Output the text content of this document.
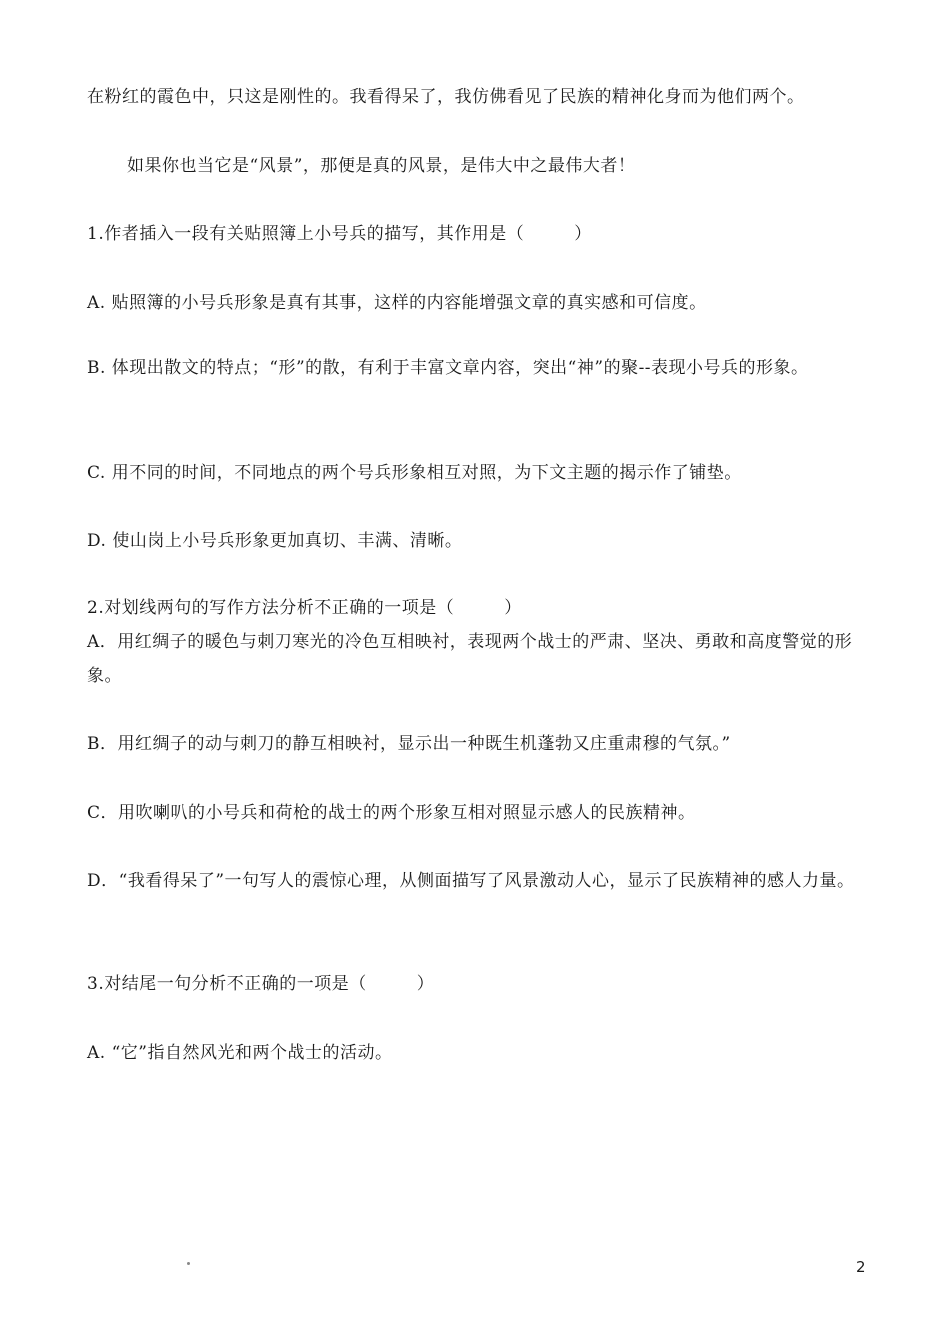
在粉红的霞色中，只这是刚性的。我看得呆了，我仿佛看见了民族的精神化身而为他们两个。
如果你也当它是“风景”，那便是真的风景，是伟大中之最伟大者！
1.作者插入一段有关贴照簿上小号兵的描写，其作用是（	）
A. 贴照簿的小号兵形象是真有其事，这样的内容能增强文章的真实感和可信度。
B. 体现出散文的特点；“形”的散，有利于丰富文章内容，突出“神”的聚--表现小号兵的形象。
C. 用不同的时间，不同地点的两个号兵形象相互对照，为下文主题的揭示作了铺垫。
D. 使山岗上小号兵形象更加真切、丰满、清晰。
2.对划线两句的写作方法分析不正确的一项是（	）
A．用红绸子的暖色与刺刀寒光的冷色互相映衬，表现两个战士的严肃、坚决、勇敢和高度警觉的形象。
B．用红绸子的动与刺刀的静互相映衬，显示出一种既生机蓬勃又庄重肃穆的气氛。”
C．用吹喇叭的小号兵和荷枪的战士的两个形象互相对照显示感人的民族精神。
D．“我看得呆了”一句写人的震惊心理，从侧面描写了风景激动人心，显示了民族精神的感人力量。
3.对结尾一句分析不正确的一项是（	）
A. “它”指自然风光和两个战士的活动。
2
